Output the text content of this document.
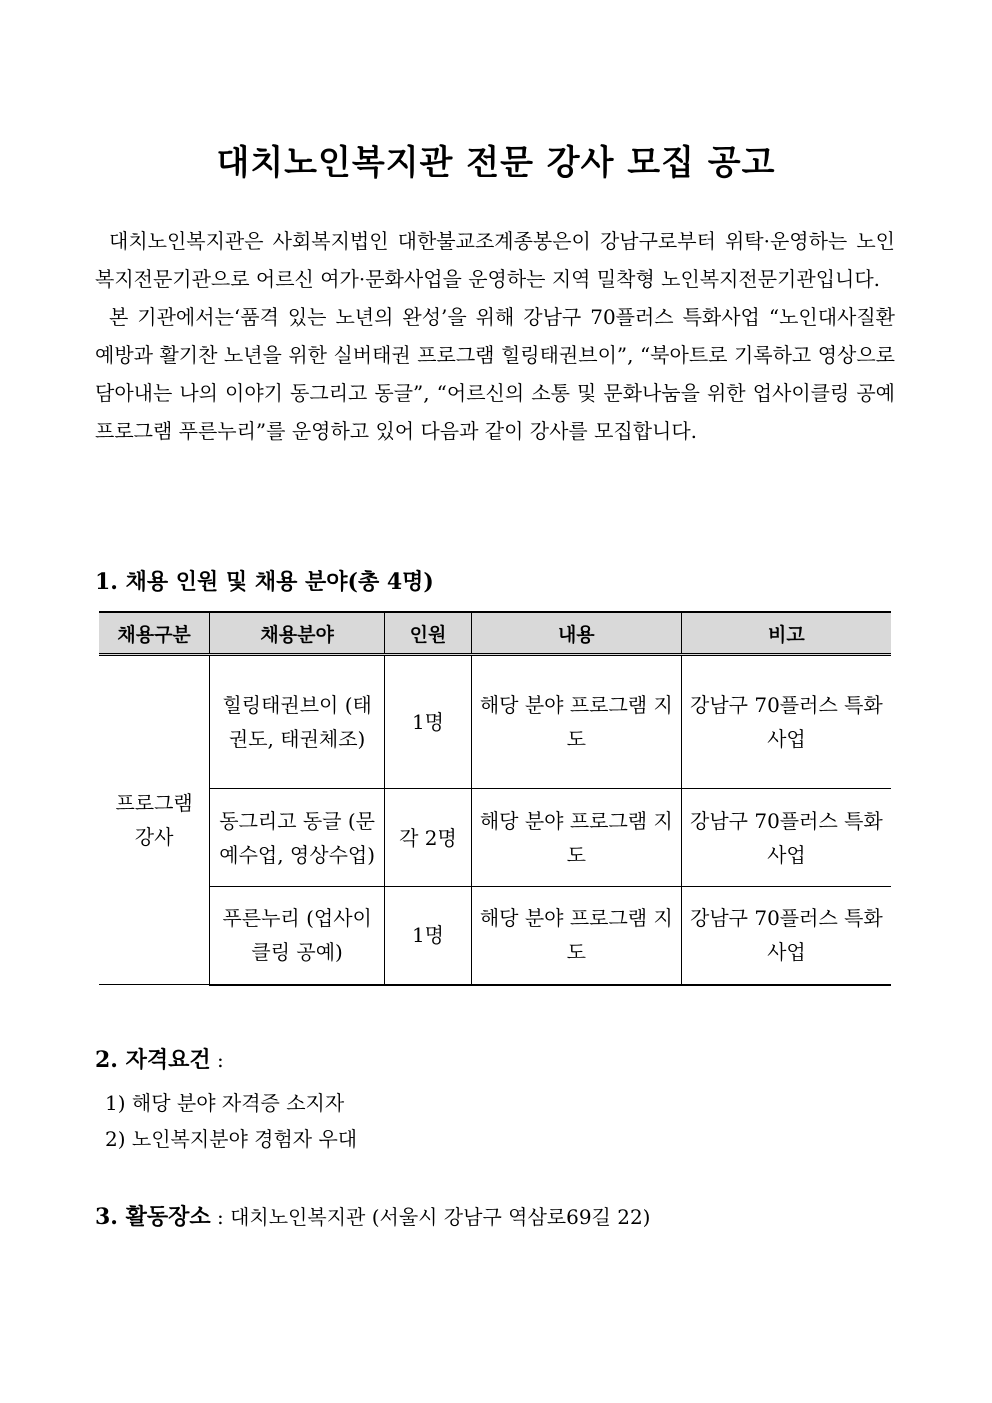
대치노인복지관 전문 강사 모집 공고

대치노인복지관은 사회복지법인 대한불교조계종봉은이 강남구로부터 위탁·운영하는 노인복지전문기관으로 어르신 여가·문화사업을 운영하는 지역 밀착형 노인복지전문기관입니다.

본 기관에서는‘품격 있는 노년의 완성’을 위해 강남구 70플러스 특화사업 “노인대사질환 예방과 활기찬 노년을 위한 실버태권 프로그램 힐링태권브이”, “북아트로 기록하고 영상으로 담아내는 나의 이야기 동그리고 동글”, “어르신의 소통 및 문화나눔을 위한 업사이클링 공예프로그램 푸른누리”를 운영하고 있어 다음과 같이 강사를 모집합니다.

1. 채용 인원 및 채용 분야(총 4명)
채용구분	채용분야	인원	내용	비고
프로그램 강사	힐링태권브이 (태권도, 태권체조)	1명	해당 분야 프로그램 지도	강남구 70플러스 특화사업
	동그리고 동글 (문예수업, 영상수업)	각 2명	해당 분야 프로그램 지도	강남구 70플러스 특화사업
	푸른누리 (업사이클링 공예)	1명	해당 분야 프로그램 지도	강남구 70플러스 특화사업
2. 자격요건 :
1) 해당 분야 자격증 소지자
2) 노인복지분야 경험자 우대
3. 활동장소 : 대치노인복지관 (서울시 강남구 역삼로69길 22)
